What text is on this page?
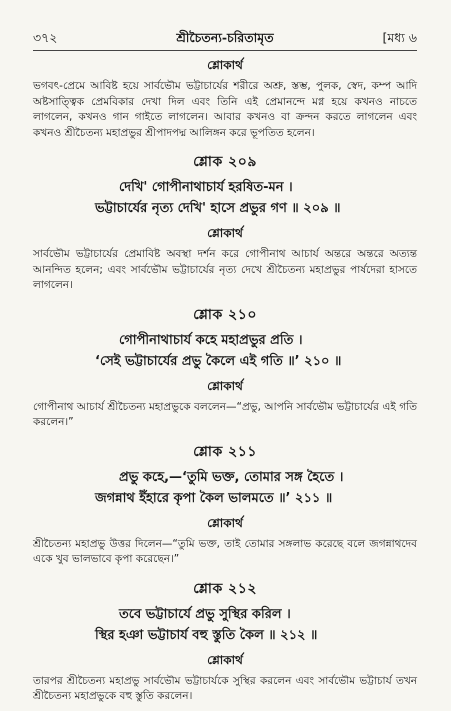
৩৭২	শ্রীচৈতন্য-চরিতামৃত	[মধ্য ৬
শ্লোকার্থ

ভগবৎ-প্রেমে আবিষ্ট হয়ে সার্বভৌম ভট্টাচার্যের শরীরে অশ্রু, স্তম্ভ, পুলক, স্বেদ, কম্প আদি অষ্টসাত্ত্বিক প্রেমবিকার দেখা দিল এবং তিনি এই প্রেমানন্দে মগ্ন হয়ে কখনও নাচতে লাগলেন, কখনও গান গাইতে লাগলেন। আবার কখনও বা ক্রন্দন করতে লাগলেন এবং কখনও শ্রীচৈতন্য মহাপ্রভুর শ্রীপাদপদ্ম আলিঙ্গন করে ভূপতিত হলেন।

শ্লোক ২০৯
দেখি' গোপীনাথাচার্য হরষিত-মন ।
ভট্টাচার্যের নৃত্য দেখি' হাসে প্রভুর গণ ॥ ২০৯ ॥
শ্লোকার্থ

সার্বভৌম ভট্টাচার্যের প্রেমাবিষ্ট অবস্থা দর্শন করে গোপীনাথ আচার্য অন্তরে অন্তরে অত্যন্ত আনন্দিত হলেন; এবং সার্বভৌম ভট্টাচার্যের নৃত্য দেখে শ্রীচৈতন্য মহাপ্রভুর পার্ষদেরা হাসতে লাগলেন।

শ্লোক ২১০
গোপীনাথাচার্য কহে মহাপ্রভুর প্রতি ।
‘সেই ভট্টাচার্যের প্রভু কৈলে এই গতি ॥’ ২১০ ॥
শ্লোকার্থ

গোপীনাথ আচার্য শ্রীচৈতন্য মহাপ্রভুকে বললেন—“প্রভু, আপনি সার্বভৌম ভট্টাচার্যের এই গতি করলেন।”

শ্লোক ২১১
প্রভু কহে,—‘তুমি ভক্ত, তোমার সঙ্গ হৈতে ।
জগন্নাথ ইঁহারে কৃপা কৈল ভালমতে ॥’ ২১১ ॥
শ্লোকার্থ

শ্রীচৈতন্য মহাপ্রভু উত্তর দিলেন—“তুমি ভক্ত, তাই তোমার সঙ্গলাভ করেছে বলে জগন্নাথদেব একে খুব ভালভাবে কৃপা করেছেন।”

শ্লোক ২১২
তবে ভট্টাচার্যে প্রভু সুস্থির করিল ।
স্থির হঞা ভট্টাচার্য বহু স্তুতি কৈল ॥ ২১২ ॥
শ্লোকার্থ

তারপর শ্রীচৈতন্য মহাপ্রভু সার্বভৌম ভট্টাচার্যকে সুস্থির করলেন এবং সার্বভৌম ভট্টাচার্য তখন শ্রীচৈতন্য মহাপ্রভুকে বহু স্তুতি করলেন।
